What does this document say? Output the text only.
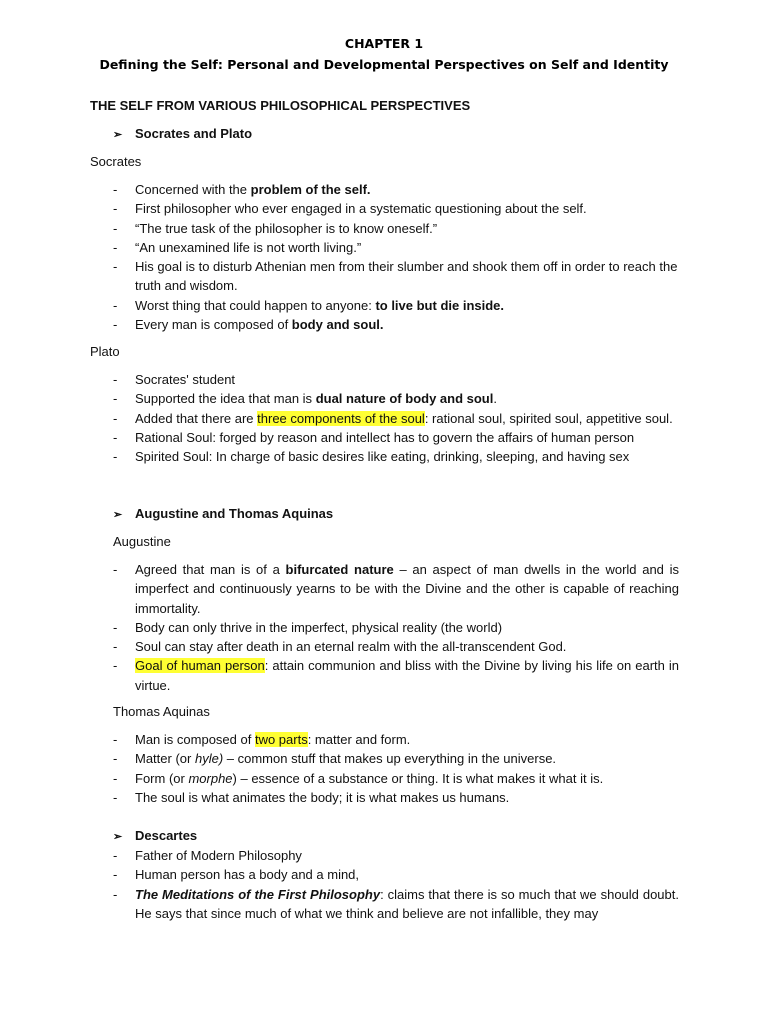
CHAPTER 1
Defining the Self: Personal and Developmental Perspectives on Self and Identity
THE SELF FROM VARIOUS PHILOSOPHICAL PERSPECTIVES
➢ Socrates and Plato
Socrates
- Concerned with the problem of the self.
- First philosopher who ever engaged in a systematic questioning about the self.
- “The true task of the philosopher is to know oneself.”
- “An unexamined life is not worth living.”
- His goal is to disturb Athenian men from their slumber and shook them off in order to reach the truth and wisdom.
- Worst thing that could happen to anyone: to live but die inside.
- Every man is composed of body and soul.
Plato
- Socrates' student
- Supported the idea that man is dual nature of body and soul.
- Added that there are three components of the soul: rational soul, spirited soul, appetitive soul.
- Rational Soul: forged by reason and intellect has to govern the affairs of human person
- Spirited Soul: In charge of basic desires like eating, drinking, sleeping, and having sex
➢ Augustine and Thomas Aquinas
Augustine
- Agreed that man is of a bifurcated nature – an aspect of man dwells in the world and is imperfect and continuously yearns to be with the Divine and the other is capable of reaching immortality.
- Body can only thrive in the imperfect, physical reality (the world)
- Soul can stay after death in an eternal realm with the all-transcendent God.
- Goal of human person: attain communion and bliss with the Divine by living his life on earth in virtue.
Thomas Aquinas
- Man is composed of two parts: matter and form.
- Matter (or hyle) – common stuff that makes up everything in the universe.
- Form (or morphe) – essence of a substance or thing. It is what makes it what it is.
- The soul is what animates the body; it is what makes us humans.
➢ Descartes
- Father of Modern Philosophy
- Human person has a body and a mind,
- The Meditations of the First Philosophy: claims that there is so much that we should doubt. He says that since much of what we think and believe are not infallible, they may
